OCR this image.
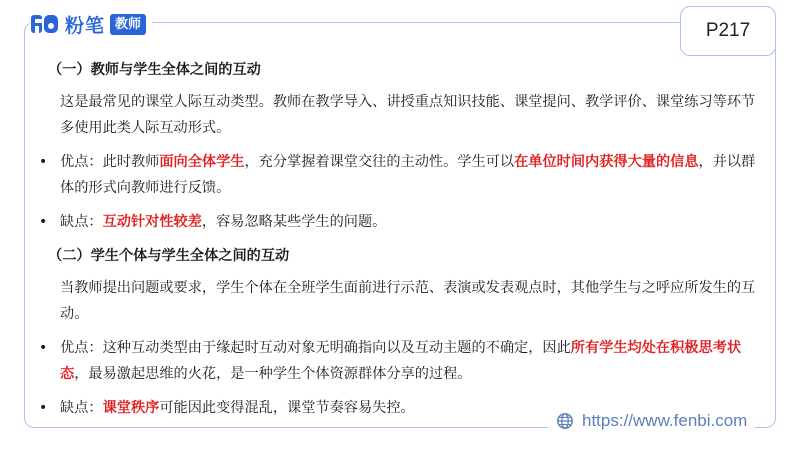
粉笔 教师	P217
（一）教师与学生全体之间的互动
这是最常见的课堂人际互动类型。教师在教学导入、讲授重点知识技能、课堂提问、教学评价、课堂练习等环节多使用此类人际互动形式。
• 优点：此时教师面向全体学生，充分掌握着课堂交往的主动性。学生可以在单位时间内获得大量的信息，并以群体的形式向教师进行反馈。
• 缺点：互动针对性较差，容易忽略某些学生的问题。
（二）学生个体与学生全体之间的互动
当教师提出问题或要求，学生个体在全班学生面前进行示范、表演或发表观点时，其他学生与之呼应所发生的互动。
• 优点：这种互动类型由于缘起时互动对象无明确指向以及互动主题的不确定，因此所有学生均处在积极思考状态，最易激起思维的火花，是一种学生个体资源群体分享的过程。
• 缺点：课堂秩序可能因此变得混乱，课堂节奏容易失控。
https://www.fenbi.com
